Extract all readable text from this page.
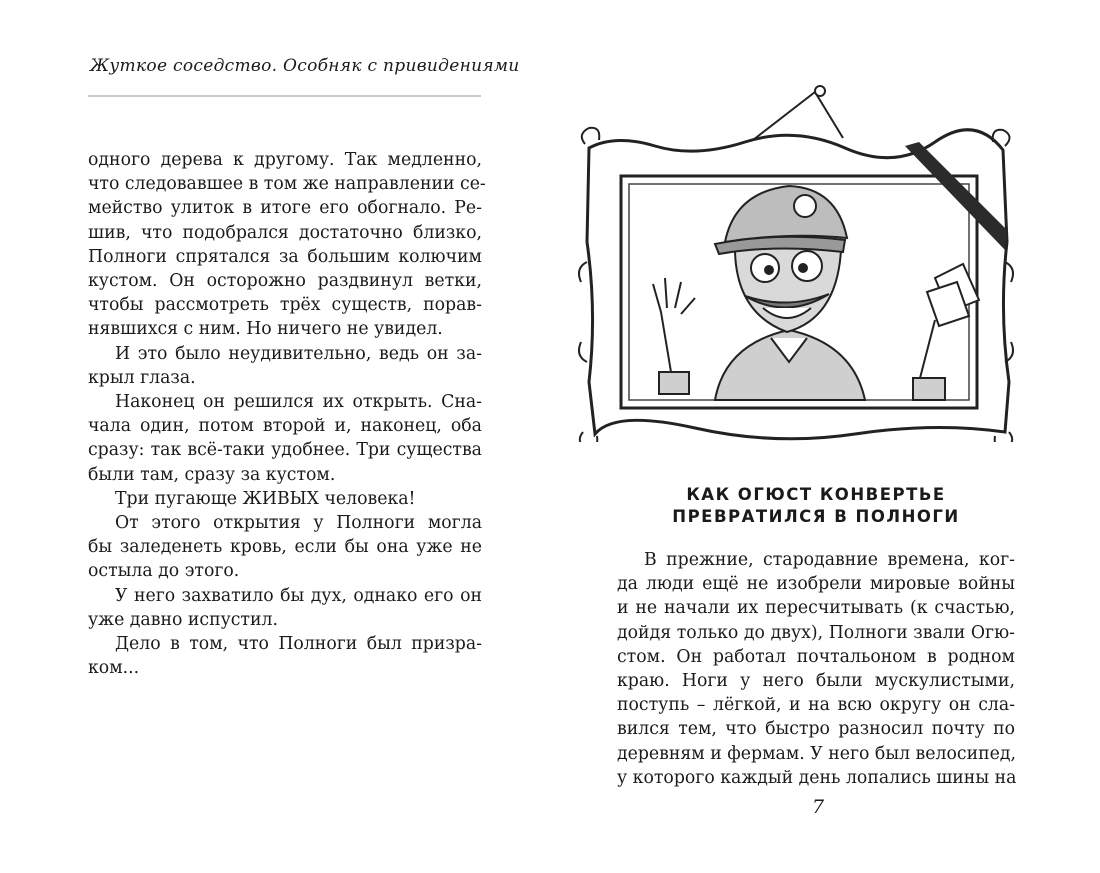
Жуткое соседство. Особняк с привидениями
одного дерева к другому. Так медленно,
что следовавшее в том же направлении се-
мейство улиток в итоге его обогнало. Ре-
шив, что подобрался достаточно близко,
Полноги спрятался за большим колючим
кустом. Он осторожно раздвинул ветки,
чтобы рассмотреть трёх существ, порав-
нявшихся с ним. Но ничего не увидел.
И это было неудивительно, ведь он за-
крыл глаза.
Наконец он решился их открыть. Сна-
чала один, потом второй и, наконец, оба
сразу: так всё-таки удобнее. Три существа
были там, сразу за кустом.
Три пугающе ЖИВЫХ человека!
От этого открытия у Полноги могла
бы заледенеть кровь, если бы она уже не
остыла до этого.
У него захватило бы дух, однако его он
уже давно испустил.
Дело в том, что Полноги был призра-
ком...
КАК ОГЮСТ КОНВЕРТЬЕ
ПРЕВРАТИЛСЯ В ПОЛНОГИ
В прежние, стародавние времена, ког-
да люди ещё не изобрели мировые войны
и не начали их пересчитывать (к счастью,
дойдя только до двух), Полноги звали Огю-
стом. Он работал почтальоном в родном
краю. Ноги у него были мускулистыми,
поступь – лёгкой, и на всю округу он сла-
вился тем, что быстро разносил почту по
деревням и фермам. У него был велосипед,
у которого каждый день лопались шины на
7
